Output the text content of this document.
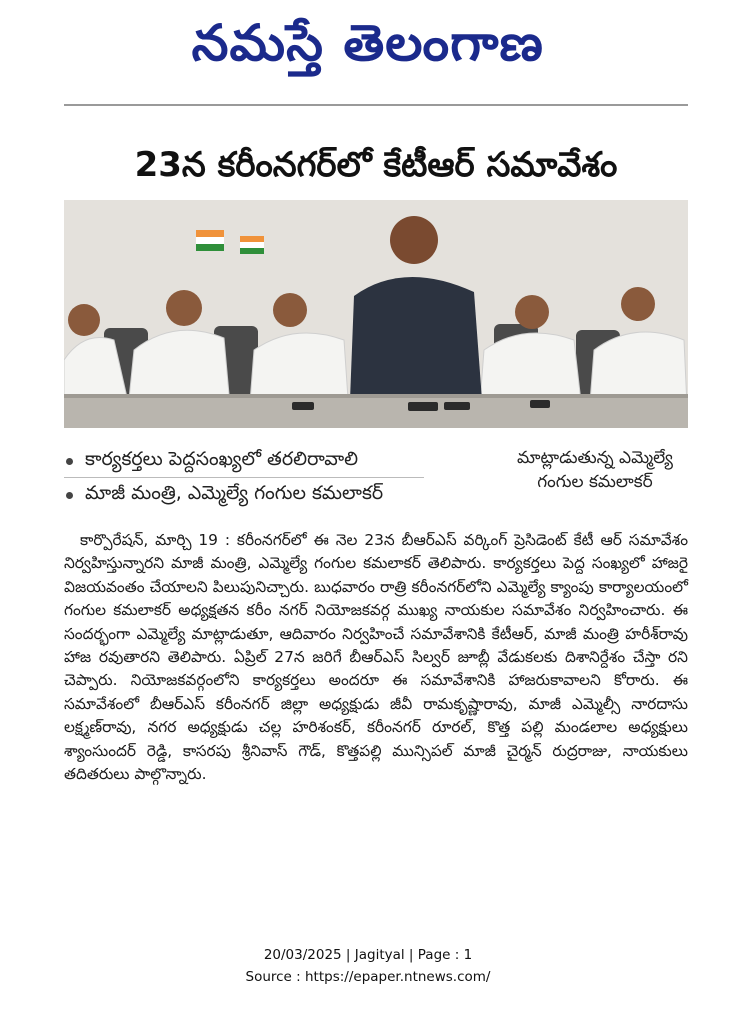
నమస్తే తెలంగాణ
23న కరీంనగర్‌లో కేటీఆర్ సమావేశం
కార్యకర్తలు పెద్దసంఖ్యలో తరలిరావాలి
మాజీ మంత్రి, ఎమ్మెల్యే గంగుల కమలాకర్
మాట్లాడుతున్న ఎమ్మెల్యే
గంగుల కమలాకర్
కార్పొరేషన్, మార్చి 19 : కరీంనగర్‌లో ఈ నెల 23న బీఆర్‌ఎస్ వర్కింగ్ ప్రెసిడెంట్ కేటీ ఆర్ సమావేశం నిర్వహిస్తున్నారని మాజీ మంత్రి, ఎమ్మెల్యే గంగుల కమలాకర్ తెలిపారు. కార్యకర్తలు పెద్ద సంఖ్యలో హాజరై విజయవంతం చేయాలని పిలుపునిచ్చారు. బుధవారం రాత్రి కరీంనగర్‌లోని ఎమ్మెల్యే క్యాంపు కార్యాలయంలో గంగుల కమలాకర్ అధ్యక్షతన కరీం నగర్ నియోజకవర్గ ముఖ్య నాయకుల సమావేశం నిర్వహించారు. ఈ సందర్భంగా ఎమ్మెల్యే మాట్లాడుతూ, ఆదివారం నిర్వహించే సమావేశానికి కేటీఆర్, మాజీ మంత్రి హరీశ్‌రావు హాజ రవుతారని తెలిపారు. ఏప్రిల్ 27న జరిగే బీఆర్‌ఎస్ సిల్వర్ జూబ్లీ వేడుకలకు దిశానిర్దేశం చేస్తా రని చెప్పారు. నియోజకవర్గంలోని కార్యకర్తలు అందరూ ఈ సమావేశానికి హాజరుకావాలని కోరారు. ఈ సమావేశంలో బీఆర్‌ఎస్ కరీంనగర్ జిల్లా అధ్యక్షుడు జీవీ రామకృష్ణారావు, మాజీ ఎమ్మెల్సీ నారదాసు లక్ష్మణ్‌రావు, నగర అధ్యక్షుడు చల్ల హరిశంకర్, కరీంనగర్ రూరల్, కొత్త పల్లి మండలాల అధ్యక్షులు శ్యాంసుందర్ రెడ్డి, కాసరపు శ్రీనివాస్ గౌడ్, కొత్తపల్లి మున్సిపల్ మాజీ చైర్మన్ రుద్రరాజు, నాయకులు తదితరులు పాల్గొన్నారు.
20/03/2025 | Jagityal | Page : 1
Source : https://epaper.ntnews.com/
